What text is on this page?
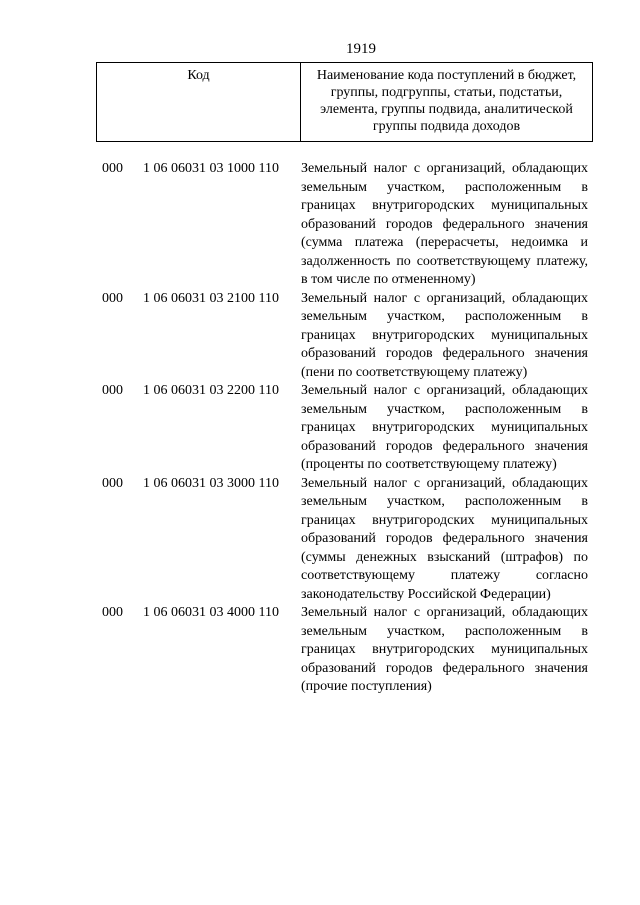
1919
Код	Наименование кода поступлений в бюджет, группы, подгруппы, статьи, подстатьи, элемента, группы подвида, аналитической группы подвида доходов
000 1 06 06031 03 1000 110 Земельный налог с организаций, обладающих земельным участком, расположенным в границах внутригородских муниципальных образований городов федерального значения (сумма платежа (перерасчеты, недоимка и задолженность по соответствующему платежу, в том числе по отмененному)
000 1 06 06031 03 2100 110 Земельный налог с организаций, обладающих земельным участком, расположенным в границах внутригородских муниципальных образований городов федерального значения (пени по соответствующему платежу)
000 1 06 06031 03 2200 110 Земельный налог с организаций, обладающих земельным участком, расположенным в границах внутригородских муниципальных образований городов федерального значения (проценты по соответствующему платежу)
000 1 06 06031 03 3000 110 Земельный налог с организаций, обладающих земельным участком, расположенным в границах внутригородских муниципальных образований городов федерального значения (суммы денежных взысканий (штрафов) по соответствующему платежу согласно законодательству Российской Федерации)
000 1 06 06031 03 4000 110 Земельный налог с организаций, обладающих земельным участком, расположенным в границах внутригородских муниципальных образований городов федерального значения (прочие поступления)
